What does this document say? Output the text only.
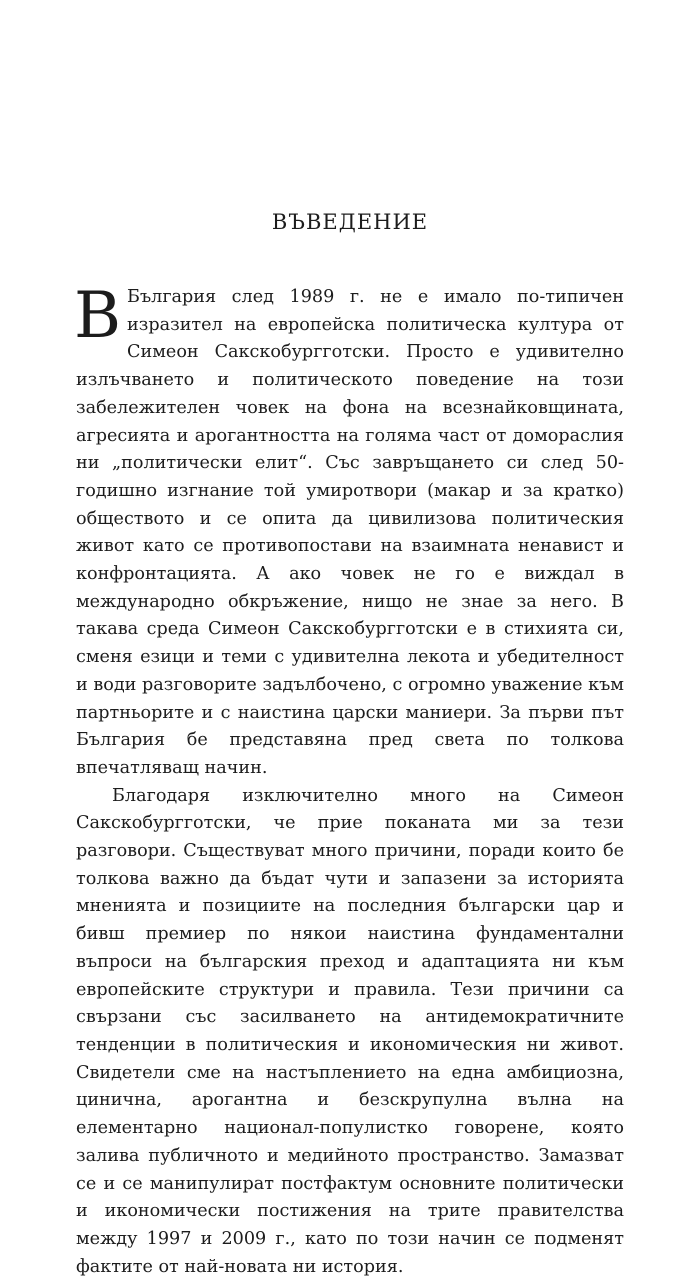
ВЪВЕДЕНИЕ

В България след 1989 г. не е имало по-типичен изразител на европейска политическа култура от Симеон Сакскобургготски. Просто е удивително излъчването и политическото поведение на този забележителен човек на фона на всезнайковщината, агресията и арогантността на голяма част от домораслия ни „политически елит“. Със завръщането си след 50-годишно изгнание той умиротвори (макар и за кратко) обществото и се опита да цивилизова политическия живот като се противопостави на взаимната ненавист и конфронтацията. А ако човек не го е виждал в международно обкръжение, нищо не знае за него. В такава среда Симеон Сакскобургготски е в стихията си, сменя езици и теми с удивителна лекота и убедителност и води разговорите задълбочено, с огромно уважение към партньорите и с наистина царски маниери. За първи път България бе представяна пред света по толкова впечатляващ начин.

Благодаря изключително много на Симеон Сакскобургготски, че прие поканата ми за тези разговори. Съществуват много причини, поради които бе толкова важно да бъдат чути и запазени за историята мненията и позициите на последния български цар и бивш премиер по някои наистина фундаментални въпроси на българския преход и адаптацията ни към европейските структури и правила. Тези причини са свързани със засилването на антидемократичните тенденции в политическия и икономическия ни живот. Свидетели сме на настъплението на една амбициозна, цинична, арогантна и безскрупулна вълна на елементарно национал-популистко говорене, която залива публичното и медийното пространство. Замазват се и се манипулират постфактум основните политически и икономически постижения на трите правителства между 1997 и 2009 г., като по този начин се подменят фактите от най-новата ни история.
